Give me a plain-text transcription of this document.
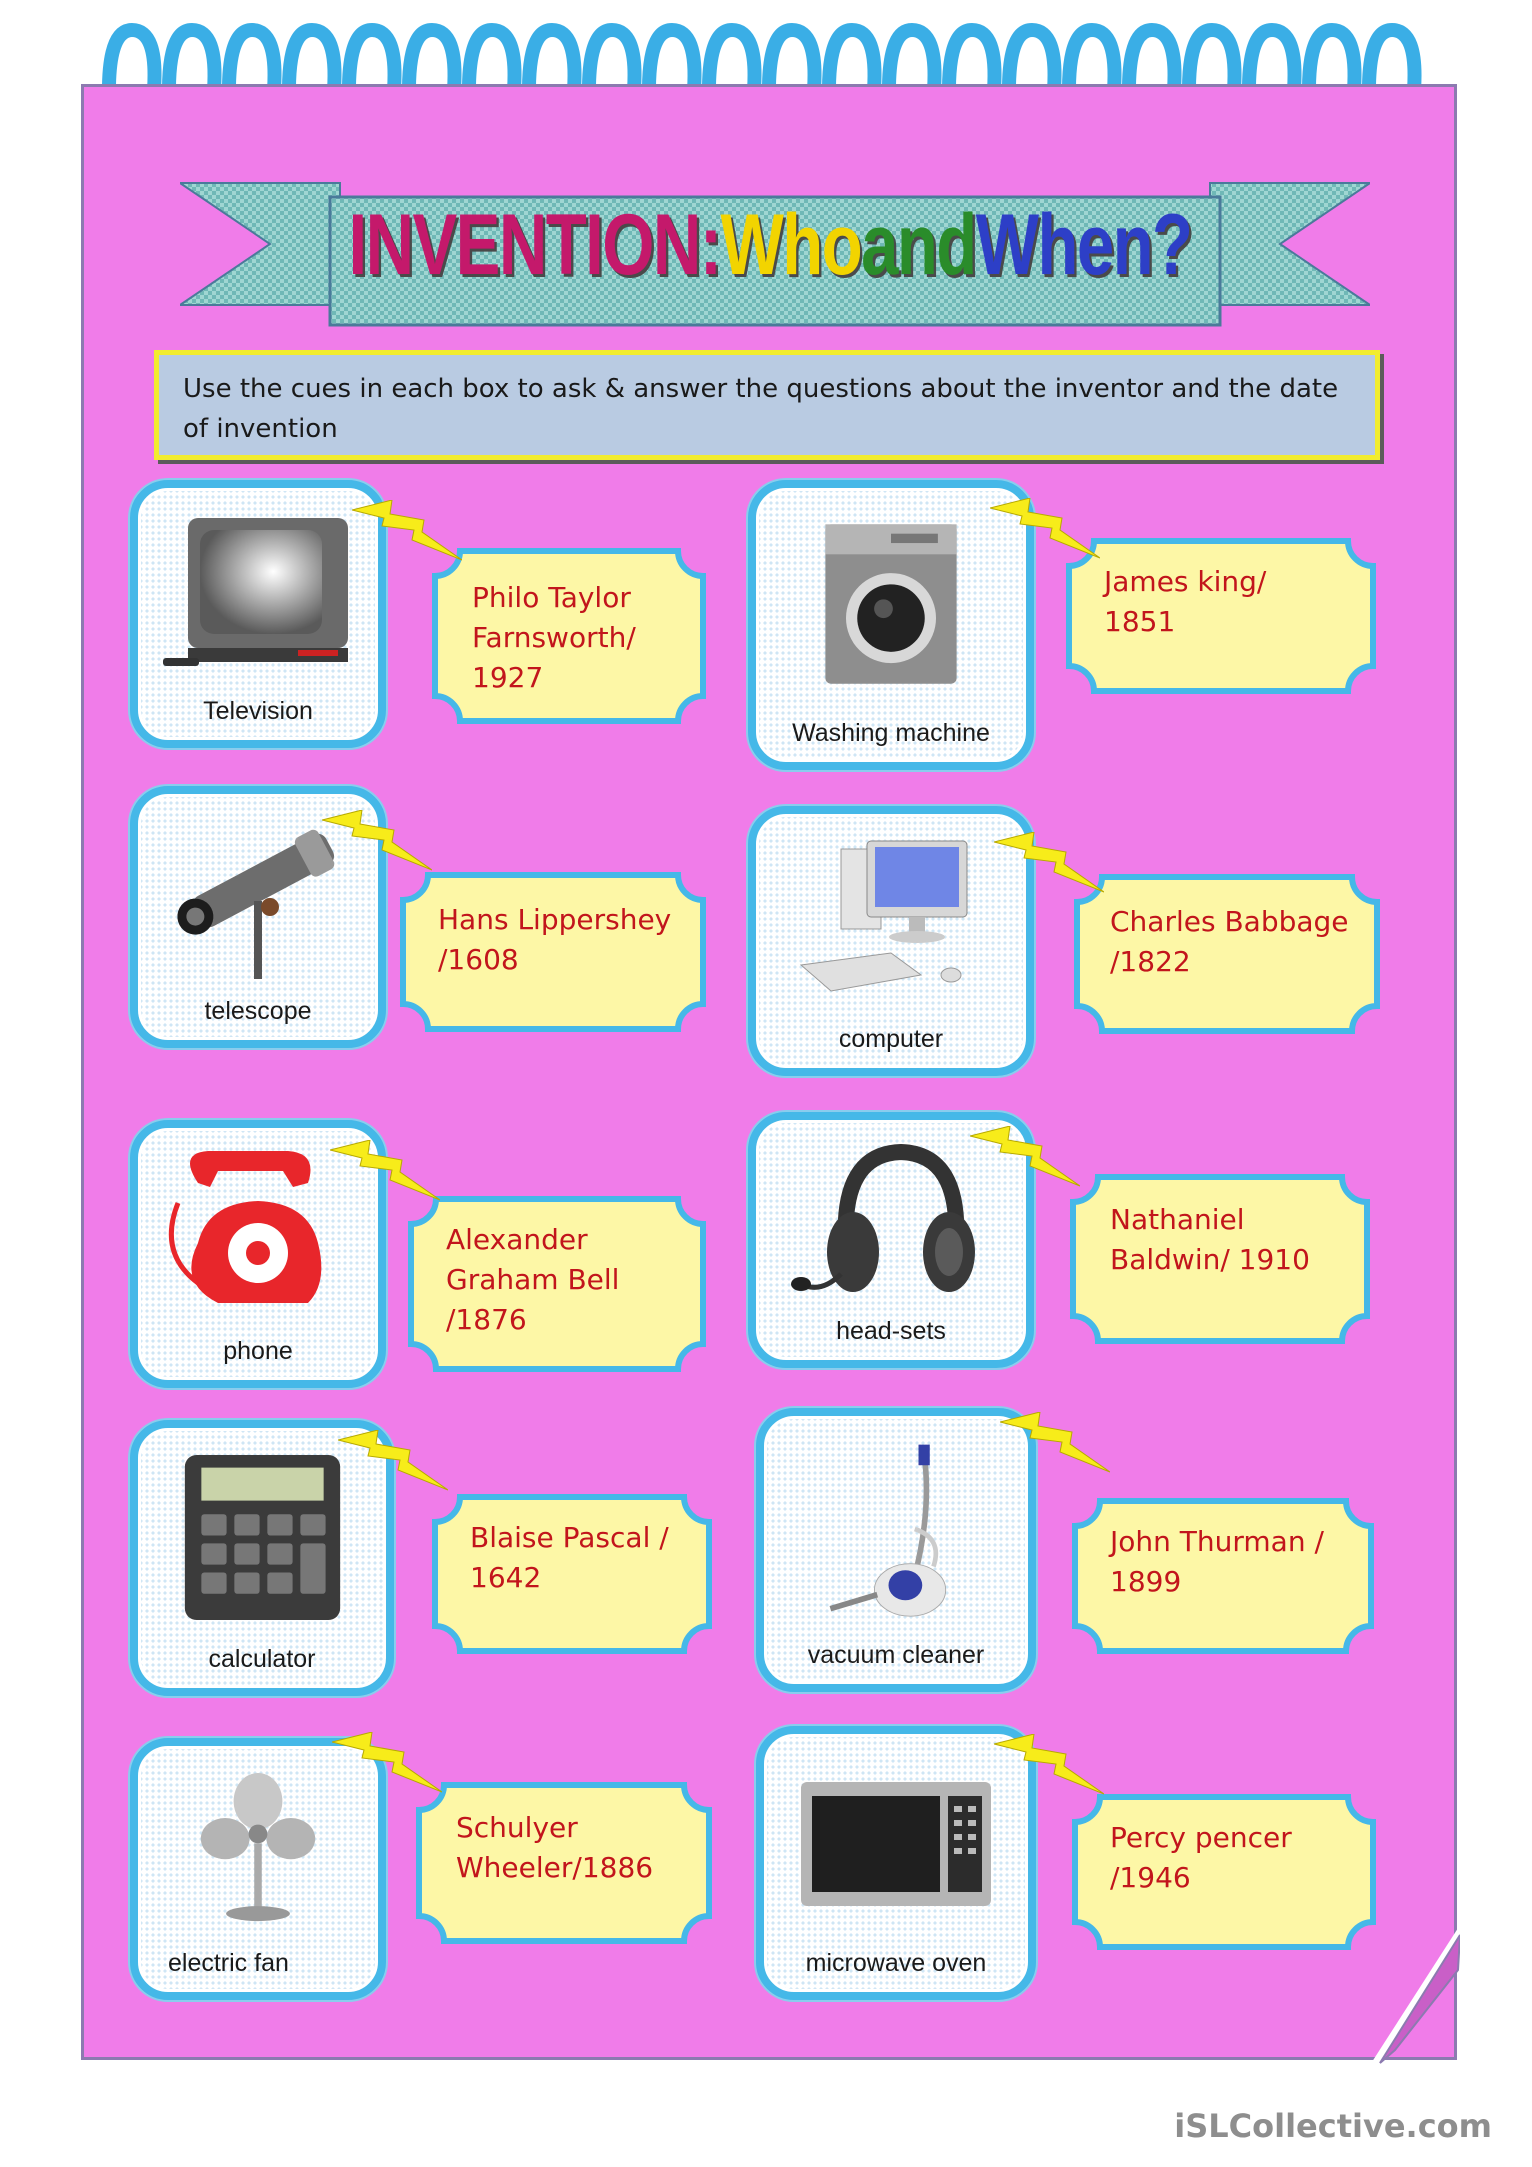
INVENTION: Who and When?
Use the cues in each box to ask & answer the questions about the inventor and the date of invention
Television
Washing machine
telescope
computer
phone
head-sets
calculator	vacuum cleaner
electric fan	microwave oven
Philo Taylor
Farnsworth/
1927
James king/
1851
Hans Lippershey
/1608
Charles Babbage
/1822
Alexander
Graham Bell
/1876
Nathaniel
Baldwin/ 1910
Blaise Pascal /
1642
John Thurman /
1899
Schulyer
Wheeler/1886
Percy pencer
/1946
iSLCollective.com
